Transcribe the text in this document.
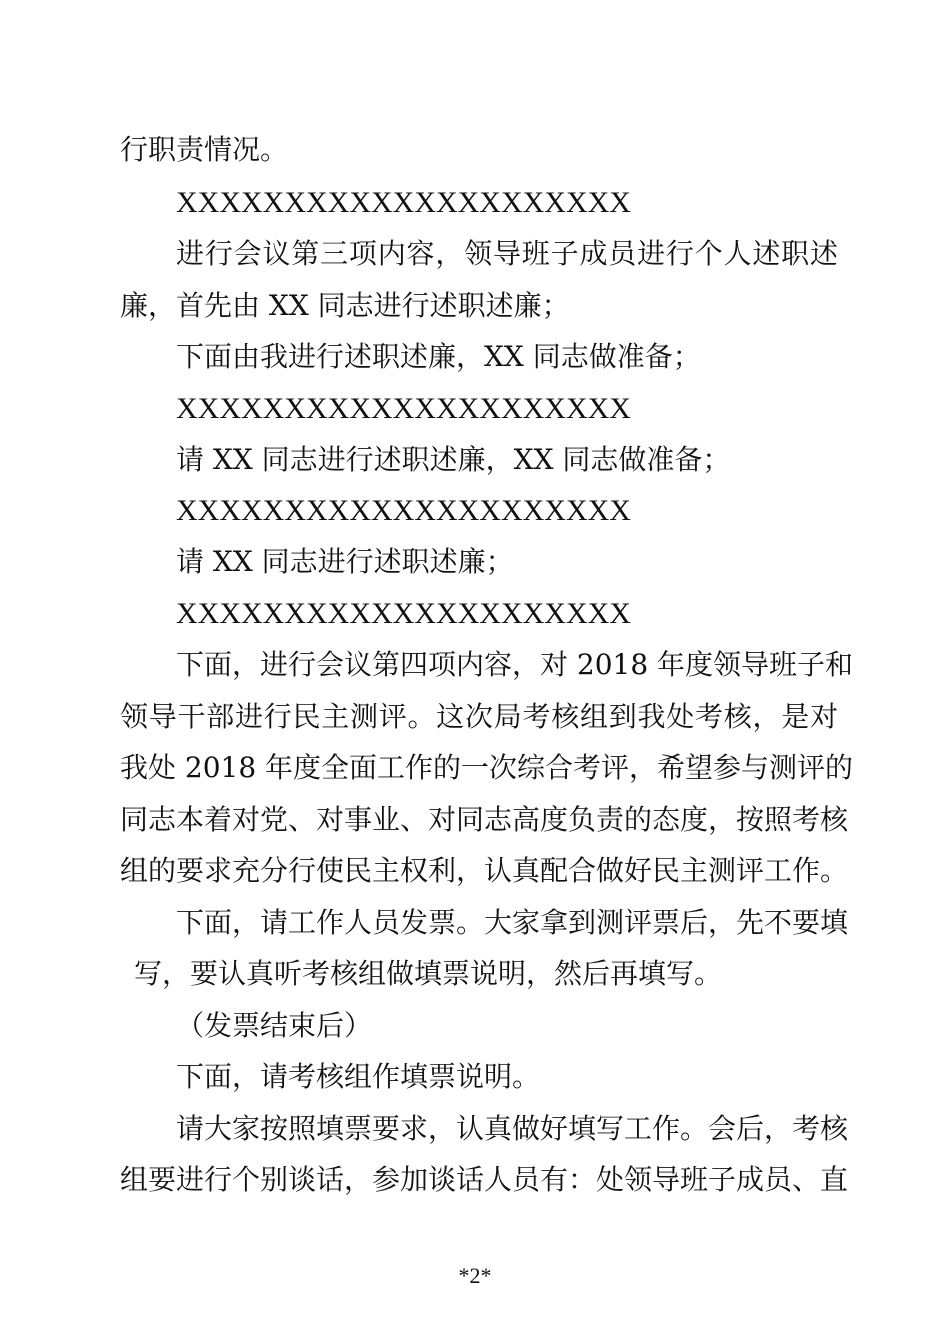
行职责情况。
XXXXXXXXXXXXXXXXXXXXX
进行会议第三项内容，领导班子成员进行个人述职述
廉，首先由 XX 同志进行述职述廉；
下面由我进行述职述廉，XX 同志做准备；
XXXXXXXXXXXXXXXXXXXXX
请 XX 同志进行述职述廉，XX 同志做准备；
XXXXXXXXXXXXXXXXXXXXX
请 XX 同志进行述职述廉；
XXXXXXXXXXXXXXXXXXXXX
下面，进行会议第四项内容，对 2018 年度领导班子和
领导干部进行民主测评。这次局考核组到我处考核，是对
我处 2018 年度全面工作的一次综合考评，希望参与测评的
同志本着对党、对事业、对同志高度负责的态度，按照考核
组的要求充分行使民主权利，认真配合做好民主测评工作。
下面，请工作人员发票。大家拿到测评票后，先不要填
写，要认真听考核组做填票说明，然后再填写。
（发票结束后）
下面，请考核组作填票说明。
请大家按照填票要求，认真做好填写工作。会后，考核
组要进行个别谈话，参加谈话人员有：处领导班子成员、直
*2*
